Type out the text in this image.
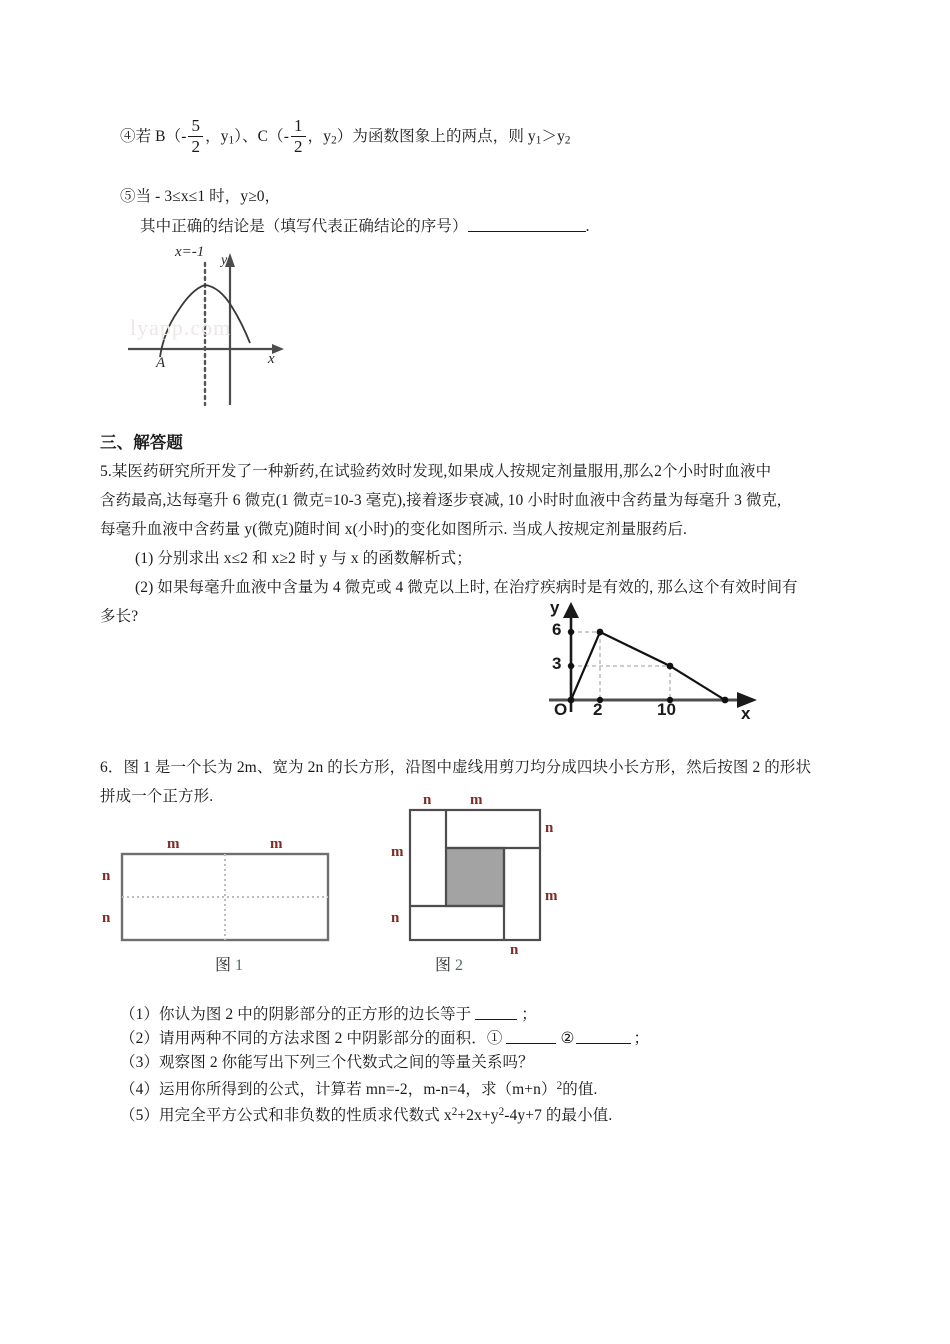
④若 $B(- \frac{5}{2}$ ，$y_1$）、$C(- \frac{1}{2}$ ，$y_2$）为函数图象上的两点，则 $y_1>y_2$
⑤当 - 3≤x≤1 时，y≥0，
其中正确的结论是（填写代表正确结论的序号）	.
lyapp.com
x=-1
y
x
A
三、解答题
5.某医药研究所开发了一种新药,在试验药效时发现,如果成人按规定剂量服用,那么2个小时时血液中
含药最高,达每毫升 6 微克(1 微克=10-3 毫克),接着逐步衰减, 10 小时时血液中含药量为每毫升 3 微克,
每毫升血液中含药量 y(微克)随时间 x(小时)的变化如图所示. 当成人按规定剂量服药后.
(1) 分别求出 x≤2 和 x≥2 时 y 与 x 的函数解析式；
(2) 如果每毫升血液中含量为 4 微克或 4 微克以上时, 在治疗疾病时是有效的, 那么这个有效时间有
多长?
6
3
y
O 2	10	x
6．图 1 是一个长为 2m、宽为 2n 的长方形，沿图中虚线用剪刀均分成四块小长方形，然后按图 2 的形状
拼成一个正方形.
m	m
n
n
图 1
n	m
m
n
n
m
n
图 2
（1）你认为图 2 中的阴影部分的正方形的边长等于	；
（2）请用两种不同的方法求图 2 中阴影部分的面积．①	②	；
（3）观察图 2 你能写出下列三个代数式之间的等量关系吗？
（4）运用你所得到的公式，计算若 mn=-2，m-n=4，求$(m+n)^2$的值.
（5）用完全平方公式和非负数的性质求代数式 $x^2+2x+y^2-4y+7$ 的最小值.
